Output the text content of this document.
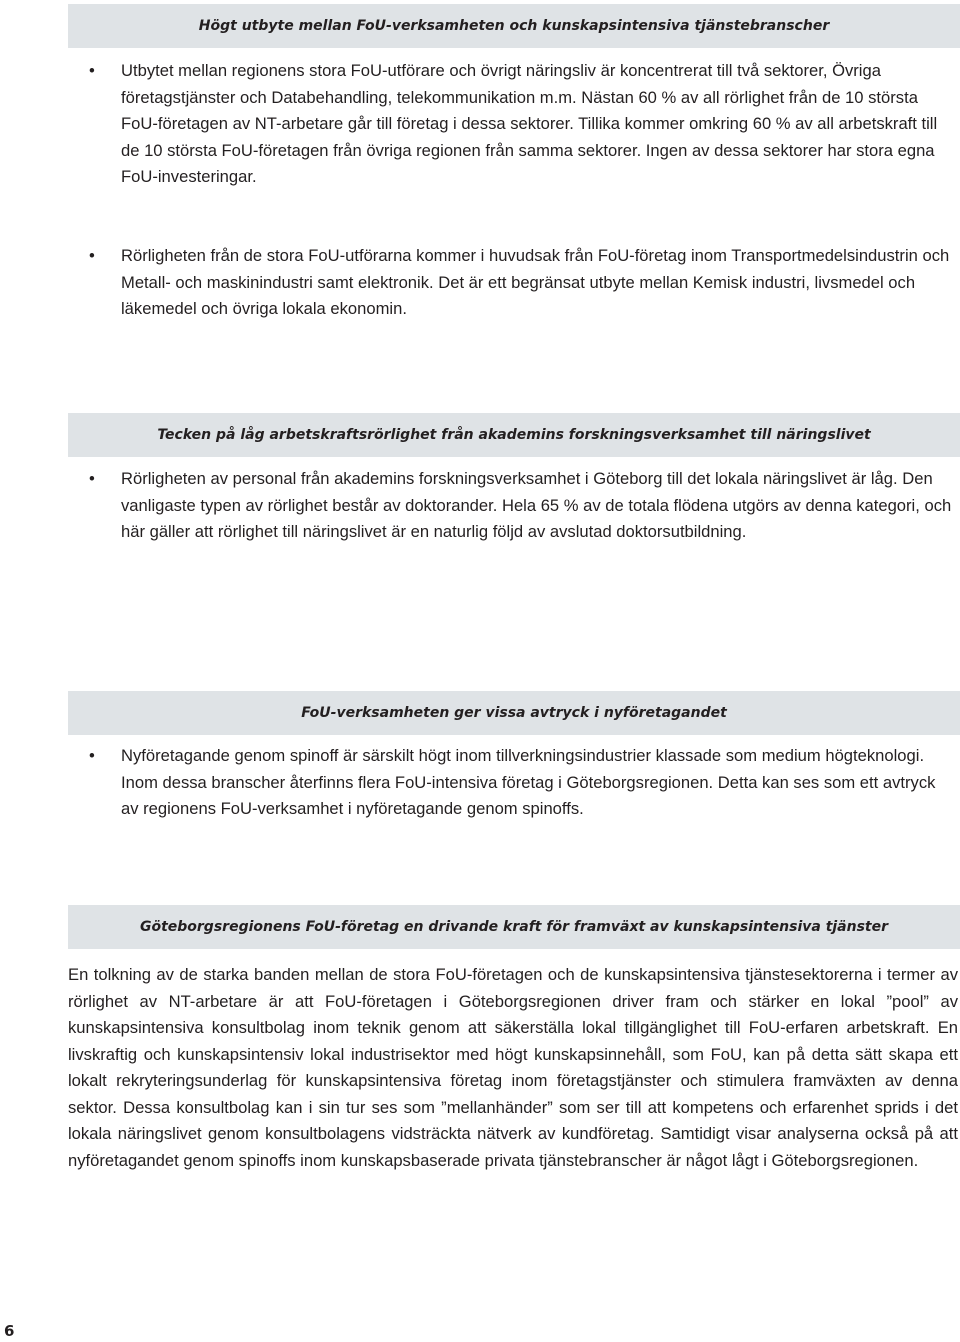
Högt utbyte mellan FoU-verksamheten och kunskapsintensiva tjänstebranscher
•	Utbytet mellan regionens stora FoU-utförare och övrigt näringsliv är koncentrerat till två sektorer, Övriga företagstjänster och Databehandling, telekommunikation m.m. Nästan 60 % av all rörlighet från de 10 största FoU-företagen av NT-arbetare går till företag i dessa sektorer. Tillika kommer omkring 60 % av all arbetskraft till de 10 största FoU-företagen från övriga regionen från samma sektorer. Ingen av dessa sektorer har stora egna FoU-investeringar.
•	Rörligheten från de stora FoU-utförarna kommer i huvudsak från FoU-företag inom Transportmedelsindustrin och Metall- och maskinindustri samt elektronik. Det är ett begränsat utbyte mellan Kemisk industri, livsmedel och läkemedel och övriga lokala ekonomin.
Tecken på låg arbetskraftsrörlighet från akademins forskningsverksamhet till näringslivet
•	Rörligheten av personal från akademins forskningsverksamhet i Göteborg till det lokala näringslivet är låg. Den vanligaste typen av rörlighet består av doktorander. Hela 65 % av de totala flödena utgörs av denna kategori, och här gäller att rörlighet till näringslivet är en naturlig följd av avslutad doktorsutbildning.
FoU-verksamheten ger vissa avtryck i nyföretagandet
•	Nyföretagande genom spinoff är särskilt högt inom tillverkningsindustrier klassade som medium högteknologi. Inom dessa branscher återfinns flera FoU-intensiva företag i Göteborgsregionen. Detta kan ses som ett avtryck av regionens FoU-verksamhet i nyföretagande genom spinoffs.
Göteborgsregionens FoU-företag en drivande kraft för framväxt av kunskapsintensiva tjänster
En tolkning av de starka banden mellan de stora FoU-företagen och de kunskapsintensiva tjänstesektorerna i termer av rörlighet av NT-arbetare är att FoU-företagen i Göteborgsregionen driver fram och stärker en lokal ”pool” av kunskapsintensiva konsultbolag inom teknik genom att säkerställa lokal tillgänglighet till FoU-erfaren arbetskraft. En livskraftig och kunskapsintensiv lokal industrisektor med högt kunskapsinnehåll, som FoU, kan på detta sätt skapa ett lokalt rekryteringsunderlag för kunskapsintensiva företag inom företagstjänster och stimulera framväxten av denna sektor. Dessa konsultbolag kan i sin tur ses som ”mellanhänder” som ser till att kompetens och erfarenhet sprids i det lokala näringslivet genom konsultbolagens vidsträckta nätverk av kundföretag. Samtidigt visar analyserna också på att nyföretagandet genom spinoffs inom kunskapsbaserade privata tjänstebranscher är något lågt i Göteborgsregionen.
6
